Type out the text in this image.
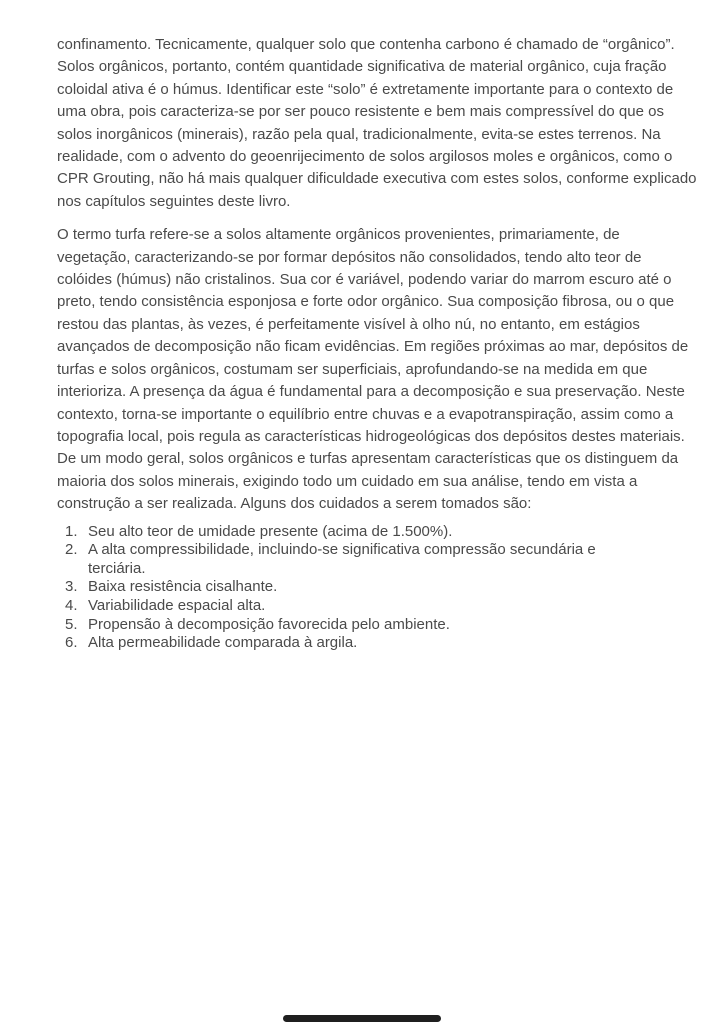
confinamento. Tecnicamente, qualquer solo que contenha carbono é chamado de “orgânico”.
Solos orgânicos, portanto, contém quantidade significativa de material orgânico, cuja fração
coloidal ativa é o húmus. Identificar este “solo” é extretamente importante para o contexto de
uma obra, pois caracteriza-se por ser pouco resistente e bem mais compressível do que os
solos inorgânicos (minerais), razão pela qual, tradicionalmente, evita-se estes terrenos. Na
realidade, com o advento do geoenrijecimento de solos argilosos moles e orgânicos, como o
CPR Grouting, não há mais qualquer dificuldade executiva com estes solos, conforme explicado
nos capítulos seguintes deste livro.
O termo turfa refere-se a solos altamente orgânicos provenientes, primariamente, de
vegetação, caracterizando-se por formar depósitos não consolidados, tendo alto teor de
colóides (húmus) não cristalinos. Sua cor é variável, podendo variar do marrom escuro até o
preto, tendo consistência esponjosa e forte odor orgânico. Sua composição fibrosa, ou o que
restou das plantas, às vezes, é perfeitamente visível à olho nú, no entanto, em estágios
avançados de decomposição não ficam evidências. Em regiões próximas ao mar, depósitos de
turfas e solos orgânicos, costumam ser superficiais, aprofundando-se na medida em que
interioriza. A presença da água é fundamental para a decomposição e sua preservação. Neste
contexto, torna-se importante o equilíbrio entre chuvas e a evapotranspiração, assim como a
topografia local, pois regula as características hidrogeológicas dos depósitos destes materiais.
De um modo geral, solos orgânicos e turfas apresentam características que os distinguem da
maioria dos solos minerais, exigindo todo um cuidado em sua análise, tendo em vista a
construção a ser realizada. Alguns dos cuidados a serem tomados são:
1. Seu alto teor de umidade presente (acima de 1.500%).
2. A alta compressibilidade, incluindo-se significativa compressão secundária e
terciária.
3. Baixa resistência cisalhante.
4. Variabilidade espacial alta.
5. Propensão à decomposição favorecida pelo ambiente.
6. Alta permeabilidade comparada à argila.
